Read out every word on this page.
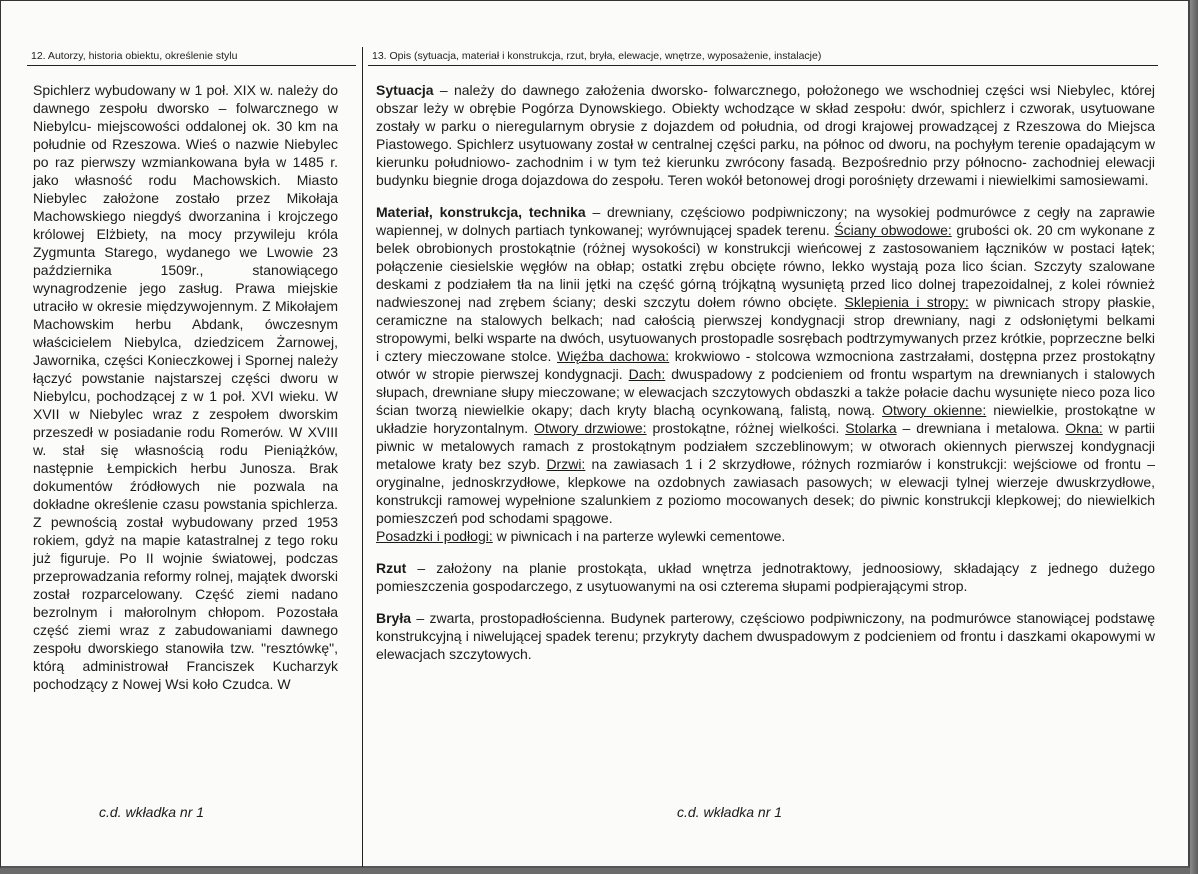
12. Autorzy, historia obiektu, określenie stylu	13. Opis (sytuacja, materiał i konstrukcja, rzut, bryła, elewacje, wnętrze, wyposażenie, instalacje)

Spichlerz wybudowany w 1 poł. XIX w. należy do dawnego zespołu dworsko – folwarcznego w Niebylcu- miejscowości oddalonej ok. 30 km na południe od Rzeszowa. Wieś o nazwie Niebylec po raz pierwszy wzmiankowana była w 1485 r. jako własność rodu Machowskich. Miasto Niebylec założone zostało przez Mikołaja Machowskiego niegdyś dworzanina i krojczego królowej Elżbiety, na mocy przywileju króla Zygmunta Starego, wydanego we Lwowie 23 października 1509r., stanowiącego wynagrodzenie jego zasług. Prawa miejskie utraciło w okresie międzywojennym. Z Mikołajem Machowskim herbu Abdank, ówczesnym właścicielem Niebylca, dziedzicem Żarnowej, Jawornika, części Konieczkowej i Spornej należy łączyć powstanie najstarszej części dworu w Niebylcu, pochodzącej z w 1 poł. XVI wieku. W XVII w Niebylec wraz z zespołem dworskim przeszedł w posiadanie rodu Romerów. W XVIII w. stał się własnością rodu Pieniążków, następnie Łempickich herbu Junosza. Brak dokumentów źródłowych nie pozwala na dokładne określenie czasu powstania spichlerza. Z pewnością został wybudowany przed 1953 rokiem, gdyż na mapie katastralnej z tego roku już figuruje. Po II wojnie światowej, podczas przeprowadzania reformy rolnej, majątek dworski został rozparcelowany. Część ziemi nadano bezrolnym i małorolnym chłopom. Pozostała część ziemi wraz z zabudowaniami dawnego zespołu dworskiego stanowiła tzw. "resztówkę", którą administrował Franciszek Kucharzyk pochodzący z Nowej Wsi koło Czudca. W

Sytuacja – należy do dawnego założenia dworsko- folwarcznego, położonego we wschodniej części wsi Niebylec, której obszar leży w obrębie Pogórza Dynowskiego. Obiekty wchodzące w skład zespołu: dwór, spichlerz i czworak, usytuowane zostały w parku o nieregularnym obrysie z dojazdem od południa, od drogi krajowej prowadzącej z Rzeszowa do Miejsca Piastowego. Spichlerz usytuowany został w centralnej części parku, na północ od dworu, na pochyłym terenie opadającym w kierunku południowo- zachodnim i w tym też kierunku zwrócony fasadą. Bezpośrednio przy północno- zachodniej elewacji budynku biegnie droga dojazdowa do zespołu. Teren wokół betonowej drogi porośnięty drzewami i niewielkimi samosiewami.

Materiał, konstrukcja, technika – drewniany, częściowo podpiwniczony; na wysokiej podmurówce z cegły na zaprawie wapiennej, w dolnych partiach tynkowanej; wyrównującej spadek terenu. Ściany obwodowe: grubości ok. 20 cm wykonane z belek obrobionych prostokątnie (różnej wysokości) w konstrukcji wieńcowej z zastosowaniem łączników w postaci łątek; połączenie ciesielskie węgłów na obłap; ostatki zrębu obcięte równo, lekko wystają poza lico ścian. Szczyty szalowane deskami z podziałem tła na linii jętki na część górną trójkątną wysuniętą przed lico dolnej trapezoidalnej, z kolei również nadwieszonej nad zrębem ściany; deski szczytu dołem równo obcięte. Sklepienia i stropy: w piwnicach stropy płaskie, ceramiczne na stalowych belkach; nad całością pierwszej kondygnacji strop drewniany, nagi z odsłoniętymi belkami stropowymi, belki wsparte na dwóch, usytuowanych prostopadle sosrębach podtrzymywanych przez krótkie, poprzeczne belki i cztery mieczowane stolce. Więźba dachowa: krokwiowo - stolcowa wzmocniona zastrzałami, dostępna przez prostokątny otwór w stropie pierwszej kondygnacji. Dach: dwuspadowy z podcieniem od frontu wspartym na drewnianych i stalowych słupach, drewniane słupy mieczowane; w elewacjach szczytowych obdaszki a także połacie dachu wysunięte nieco poza lico ścian tworzą niewielkie okapy; dach kryty blachą ocynkowaną, falistą, nową. Otwory okienne: niewielkie, prostokątne w układzie horyzontalnym. Otwory drzwiowe: prostokątne, różnej wielkości. Stolarka – drewniana i metalowa. Okna: w partii piwnic w metalowych ramach z prostokątnym podziałem szczeblinowym; w otworach okiennych pierwszej kondygnacji metalowe kraty bez szyb. Drzwi: na zawiasach 1 i 2 skrzydłowe, różnych rozmiarów i konstrukcji: wejściowe od frontu – oryginalne, jednoskrzydłowe, klepkowe na ozdobnych zawiasach pasowych; w elewacji tylnej wierzeje dwuskrzydłowe, konstrukcji ramowej wypełnione szalunkiem z poziomo mocowanych desek; do piwnic konstrukcji klepkowej; do niewielkich pomieszczeń pod schodami spągowe.
Posadzki i podłogi: w piwnicach i na parterze wylewki cementowe.

Rzut – założony na planie prostokąta, układ wnętrza jednotraktowy, jednoosiowy, składający z jednego dużego pomieszczenia gospodarczego, z usytuowanymi na osi czterema słupami podpierającymi strop.

Bryła – zwarta, prostopadłościenna. Budynek parterowy, częściowo podpiwniczony, na podmurówce stanowiącej podstawę konstrukcyjną i niwelującej spadek terenu; przykryty dachem dwuspadowym z podcieniem od frontu i daszkami okapowymi w elewacjach szczytowych.

c.d. wkładka nr 1	c.d. wkładka nr 1
